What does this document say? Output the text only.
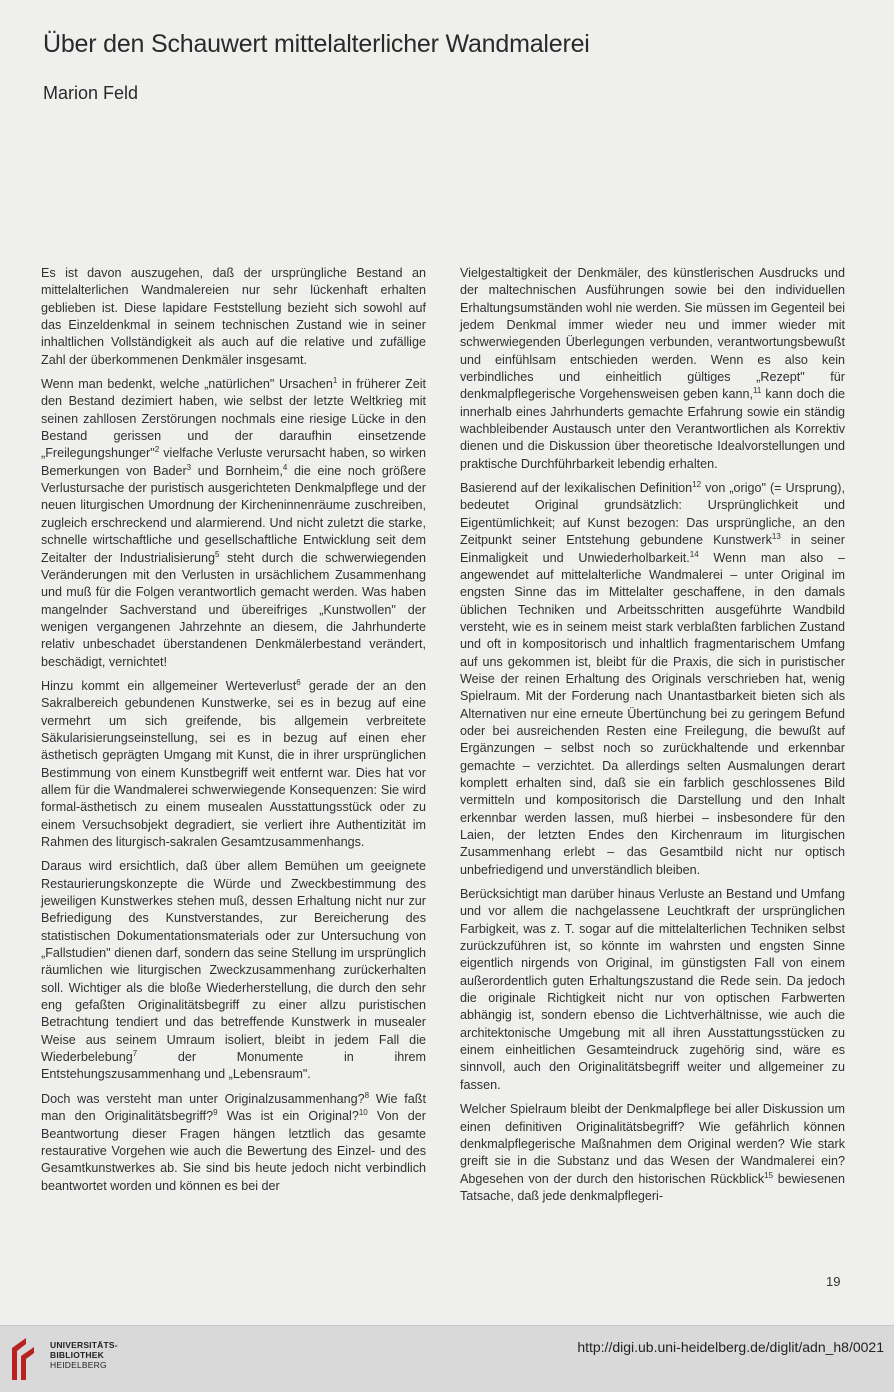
Über den Schauwert mittelalterlicher Wandmalerei
Marion Feld

Es ist davon auszugehen, daß der ursprüngliche Bestand an mittelalterlichen Wandmalereien nur sehr lückenhaft erhalten geblieben ist. Diese lapidare Feststellung bezieht sich sowohl auf das Einzeldenkmal in seinem technischen Zustand wie in seiner inhaltlichen Vollständigkeit als auch auf die relative und zufällige Zahl der überkommenen Denkmäler insgesamt.

Wenn man bedenkt, welche „natürlichen" Ursachen$^1$ in früherer Zeit den Bestand dezimiert haben, wie selbst der letzte Weltkrieg mit seinen zahllosen Zerstörungen nochmals eine riesige Lücke in den Bestand gerissen und der daraufhin einsetzende „Freilegungshunger"$^2$ vielfache Verluste verursacht haben, so wirken Bemerkungen von Bader$^3$ und Bornheim,$^4$ die eine noch größere Verlustursache der puristisch ausgerichteten Denkmalpflege und der neuen liturgischen Umordnung der Kircheninnenräume zuschreiben, zugleich erschreckend und alarmierend. Und nicht zuletzt die starke, schnelle wirtschaftliche und gesellschaftliche Entwicklung seit dem Zeitalter der Industrialisierung$^5$ steht durch die schwerwiegenden Veränderungen mit den Verlusten in ursächlichem Zusammenhang und muß für die Folgen verantwortlich gemacht werden. Was haben mangelnder Sachverstand und übereifriges „Kunstwollen" der wenigen vergangenen Jahrzehnte an diesem, die Jahrhunderte relativ unbeschadet überstandenen Denkmälerbestand verändert, beschädigt, vernichtet!

Hinzu kommt ein allgemeiner Werteverlust$^6$ gerade der an den Sakralbereich gebundenen Kunstwerke, sei es in bezug auf eine vermehrt um sich greifende, bis allgemein verbreitete Säkularisierungseinstellung, sei es in bezug auf einen eher ästhetisch geprägten Umgang mit Kunst, die in ihrer ursprünglichen Bestimmung von einem Kunstbegriff weit entfernt war. Dies hat vor allem für die Wandmalerei schwerwiegende Konsequenzen: Sie wird formal-ästhetisch zu einem musealen Ausstattungsstück oder zu einem Versuchsobjekt degradiert, sie verliert ihre Authentizität im Rahmen des liturgisch-sakralen Gesamtzusammenhangs.

Daraus wird ersichtlich, daß über allem Bemühen um geeignete Restaurierungskonzepte die Würde und Zweckbestimmung des jeweiligen Kunstwerkes stehen muß, dessen Erhaltung nicht nur zur Befriedigung des Kunstverstandes, zur Bereicherung des statistischen Dokumentationsmaterials oder zur Untersuchung von „Fallstudien" dienen darf, sondern das seine Stellung im ursprünglich räumlichen wie liturgischen Zweckzusammenhang zurückerhalten soll. Wichtiger als die bloße Wiederherstellung, die durch den sehr eng gefaßten Originalitätsbegriff zu einer allzu puristischen Betrachtung tendiert und das betreffende Kunstwerk in musealer Weise aus seinem Umraum isoliert, bleibt in jedem Fall die Wiederbelebung$^7$ der Monumente in ihrem Entstehungszusammenhang und „Lebensraum".

Doch was versteht man unter Originalzusammenhang?$^8$ Wie faßt man den Originalitätsbegriff?$^9$ Was ist ein Original?$^{10}$ Von der Beantwortung dieser Fragen hängen letztlich das gesamte restaurative Vorgehen wie auch die Bewertung des Einzel- und des Gesamtkunstwerkes ab. Sie sind bis heute jedoch nicht verbindlich beantwortet worden und können es bei der

Vielgestaltigkeit der Denkmäler, des künstlerischen Ausdrucks und der maltechnischen Ausführungen sowie bei den individuellen Erhaltungsumständen wohl nie werden. Sie müssen im Gegenteil bei jedem Denkmal immer wieder neu und immer wieder mit schwerwiegenden Überlegungen verbunden, verantwortungsbewußt und einfühlsam entschieden werden. Wenn es also kein verbindliches und einheitlich gültiges „Rezept" für denkmalpflegerische Vorgehensweisen geben kann,$^{11}$ kann doch die innerhalb eines Jahrhunderts gemachte Erfahrung sowie ein ständig wachbleibender Austausch unter den Verantwortlichen als Korrektiv dienen und die Diskussion über theoretische Idealvorstellungen und praktische Durchführbarkeit lebendig erhalten.

Basierend auf der lexikalischen Definition$^{12}$ von „origo" (= Ursprung), bedeutet Original grundsätzlich: Ursprünglichkeit und Eigentümlichkeit; auf Kunst bezogen: Das ursprüngliche, an den Zeitpunkt seiner Entstehung gebundene Kunstwerk$^{13}$ in seiner Einmaligkeit und Unwiederholbarkeit.$^{14}$ Wenn man also – angewendet auf mittelalterliche Wandmalerei – unter Original im engsten Sinne das im Mittelalter geschaffene, in den damals üblichen Techniken und Arbeitsschritten ausgeführte Wandbild versteht, wie es in seinem meist stark verblaßten farblichen Zustand und oft in kompositorisch und inhaltlich fragmentarischem Umfang auf uns gekommen ist, bleibt für die Praxis, die sich in puristischer Weise der reinen Erhaltung des Originals verschrieben hat, wenig Spielraum. Mit der Forderung nach Unantastbarkeit bieten sich als Alternativen nur eine erneute Übertünchung bei zu geringem Befund oder bei ausreichenden Resten eine Freilegung, die bewußt auf Ergänzungen – selbst noch so zurückhaltende und erkennbar gemachte – verzichtet. Da allerdings selten Ausmalungen derart komplett erhalten sind, daß sie ein farblich geschlossenes Bild vermitteln und kompositorisch die Darstellung und den Inhalt erkennbar werden lassen, muß hierbei – insbesondere für den Laien, der letzten Endes den Kirchenraum im liturgischen Zusammenhang erlebt – das Gesamtbild nicht nur optisch unbefriedigend und unverständlich bleiben.

Berücksichtigt man darüber hinaus Verluste an Bestand und Umfang und vor allem die nachgelassene Leuchtkraft der ursprünglichen Farbigkeit, was z. T. sogar auf die mittelalterlichen Techniken selbst zurückzuführen ist, so könnte im wahrsten und engsten Sinne eigentlich nirgends von Original, im günstigsten Fall von einem außerordentlich guten Erhaltungszustand die Rede sein. Da jedoch die originale Richtigkeit nicht nur von optischen Farbwerten abhängig ist, sondern ebenso die Lichtverhältnisse, wie auch die architektonische Umgebung mit all ihren Ausstattungsstücken zu einem einheitlichen Gesamteindruck zugehörig sind, wäre es sinnvoll, auch den Originalitätsbegriff weiter und allgemeiner zu fassen.

Welcher Spielraum bleibt der Denkmalpflege bei aller Diskussion um einen definitiven Originalitätsbegriff? Wie gefährlich können denkmalpflegerische Maßnahmen dem Original werden? Wie stark greift sie in die Substanz und das Wesen der Wandmalerei ein? Abgesehen von der durch den historischen Rückblick$^{15}$ bewiesenen Tatsache, daß jede denkmalpflegeri-

19
UNIVERSITÄTS-
BIBLIOTHEK
HEIDELBERG
http://digi.ub.uni-heidelberg.de/diglit/adn_h8/0021
